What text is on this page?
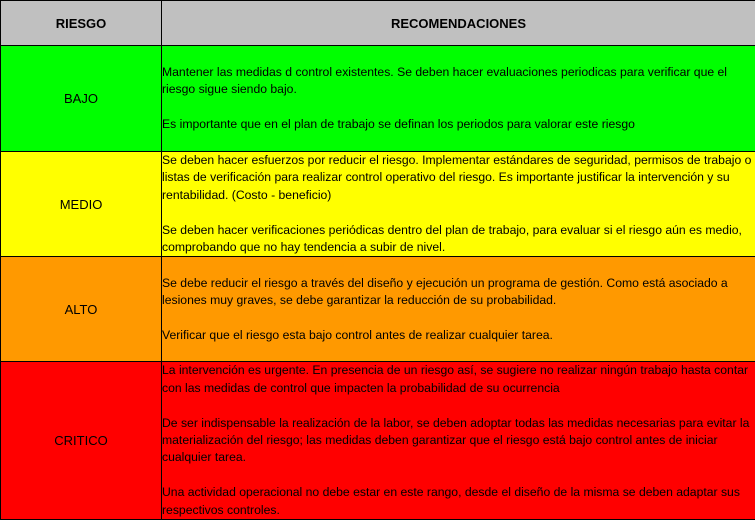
RIESGO	RECOMENDACIONES
BAJO	Mantener las medidas d control existentes. Se deben hacer evaluaciones periodicas para verificar que el riesgo sigue siendo bajo.

Es importante que en el plan de trabajo se definan los periodos para valorar este riesgo

MEDIO	Se deben hacer esfuerzos por reducir el riesgo. Implementar estándares de seguridad, permisos de trabajo o listas de verificación para realizar control operativo del riesgo. Es importante justificar la intervención y su rentabilidad. (Costo - beneficio)

Se deben hacer verificaciones periódicas dentro del plan de trabajo, para evaluar si el riesgo aún es medio, comprobando que no hay tendencia a subir de nivel.

ALTO	Se debe reducir el riesgo a través del diseño y ejecución un programa de gestión. Como está asociado a lesiones muy graves, se debe garantizar la reducción de su probabilidad.

Verificar que el riesgo esta bajo control antes de realizar cualquier tarea.

CRITICO	La intervención es urgente. En presencia de un riesgo así, se sugiere no realizar ningún trabajo hasta contar con las medidas de control que impacten la probabilidad de su ocurrencia

De ser indispensable la realización de la labor, se deben adoptar todas las medidas necesarias para evitar la materialización del riesgo; las medidas deben garantizar que el riesgo está bajo control antes de iniciar cualquier tarea.

Una actividad operacional no debe estar en este rango, desde el diseño de la misma se deben adaptar sus respectivos controles.
